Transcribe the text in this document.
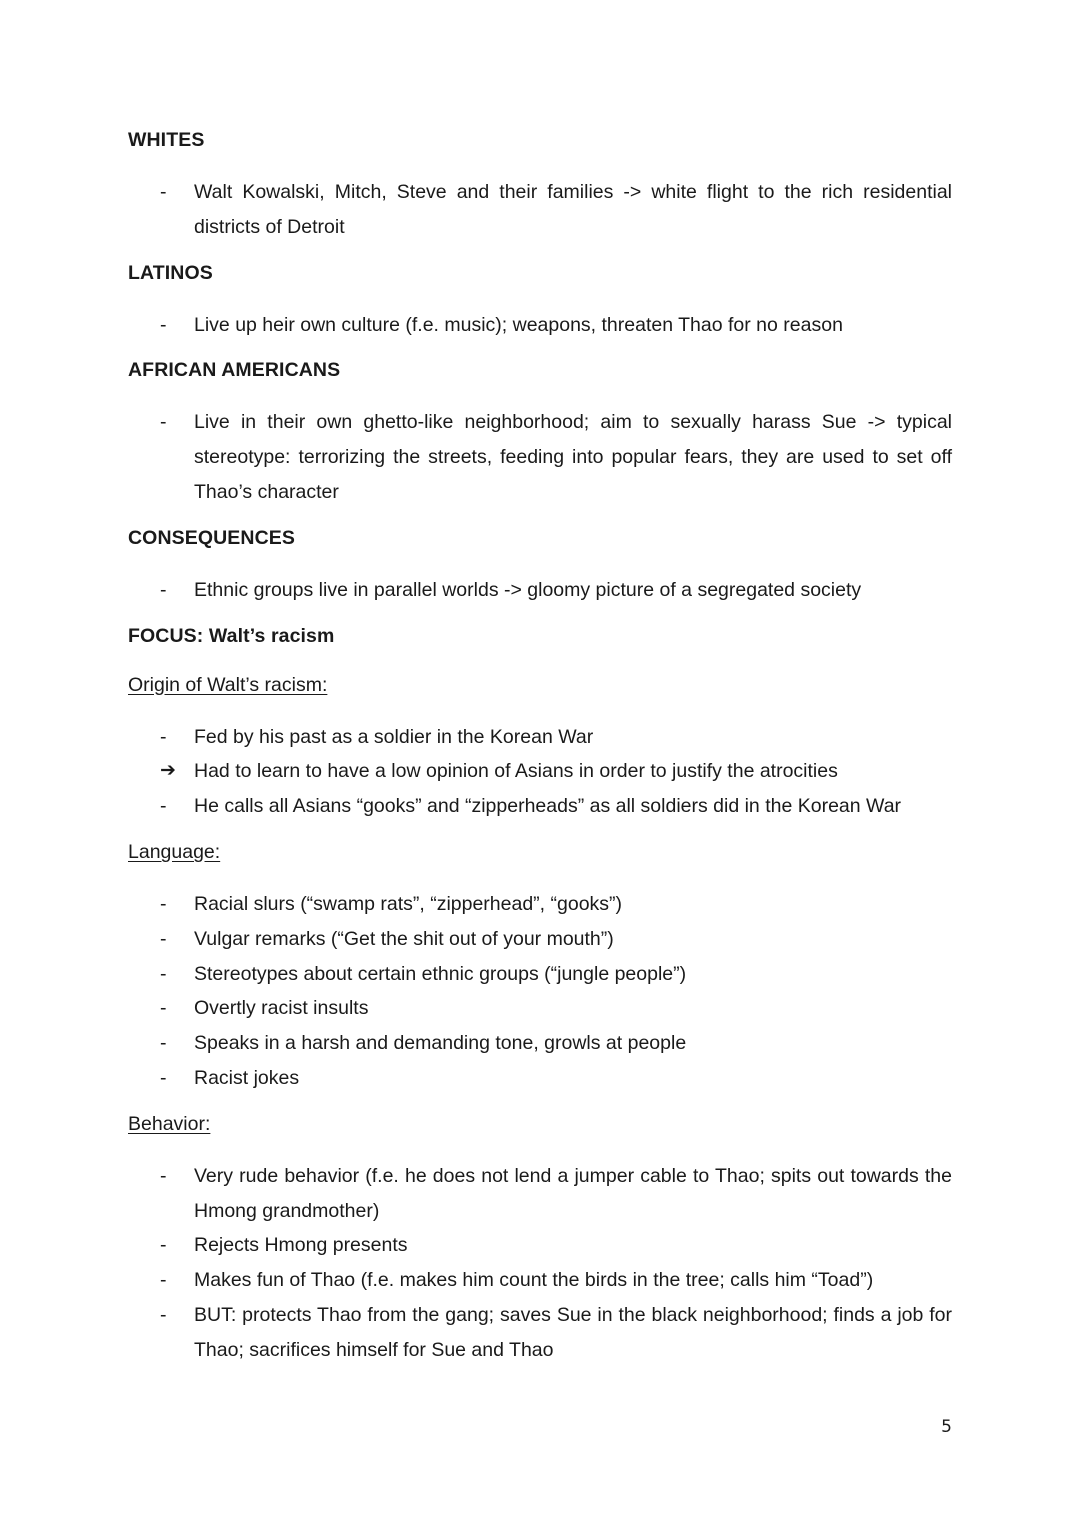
WHITES

-	Walt Kowalski, Mitch, Steve and their families -> white flight to the rich residential districts of Detroit

LATINOS

-	Live up heir own culture (f.e. music); weapons, threaten Thao for no reason

AFRICAN AMERICANS

-	Live in their own ghetto-like neighborhood; aim to sexually harass Sue -> typical stereotype: terrorizing the streets, feeding into popular fears, they are used to set off Thao’s character

CONSEQUENCES

-	Ethnic groups live in parallel worlds -> gloomy picture of a segregated society

FOCUS: Walt’s racism

Origin of Walt’s racism:

-	Fed by his past as a soldier in the Korean War
➔ Had to learn to have a low opinion of Asians in order to justify the atrocities
-	He calls all Asians “gooks” and “zipperheads” as all soldiers did in the Korean War

Language:

-	Racial slurs (“swamp rats”, “zipperhead”, “gooks”)
-	Vulgar remarks (“Get the shit out of your mouth”)
-	Stereotypes about certain ethnic groups (“jungle people”)
-	Overtly racist insults
-	Speaks in a harsh and demanding tone, growls at people
-	Racist jokes

Behavior:

-	Very rude behavior (f.e. he does not lend a jumper cable to Thao; spits out towards the Hmong grandmother)
-	Rejects Hmong presents
-	Makes fun of Thao (f.e. makes him count the birds in the tree; calls him “Toad”)
-	BUT: protects Thao from the gang; saves Sue in the black neighborhood; finds a job for Thao; sacrifices himself for Sue and Thao
5
